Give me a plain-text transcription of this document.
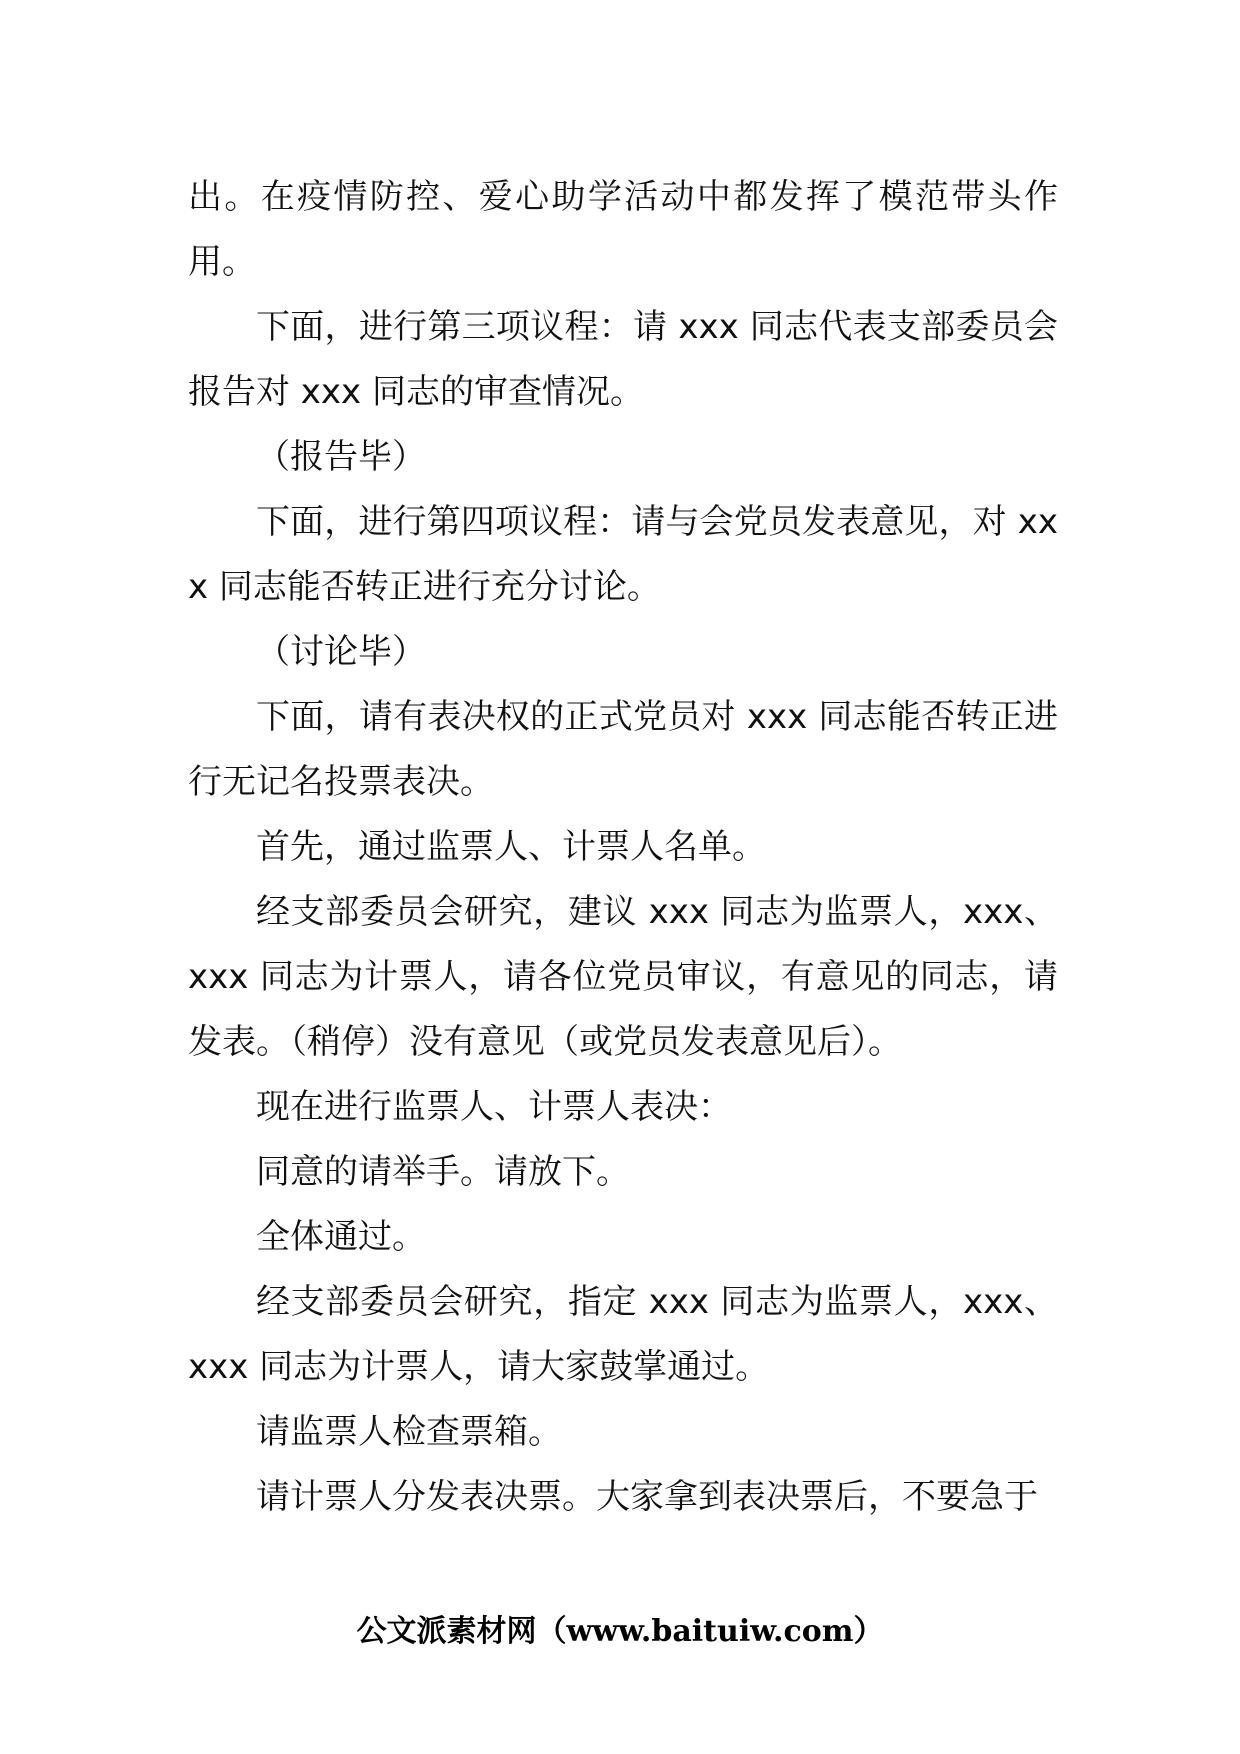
出。在疫情防控、爱心助学活动中都发挥了模范带头作用。

下面，进行第三项议程：请 xxx 同志代表支部委员会报告对 xxx 同志的审查情况。

（报告毕）

下面，进行第四项议程：请与会党员发表意见，对 xxx 同志能否转正进行充分讨论。

（讨论毕）

下面，请有表决权的正式党员对 xxx 同志能否转正进行无记名投票表决。

首先，通过监票人、计票人名单。

经支部委员会研究，建议 xxx 同志为监票人，xxx、xxx 同志为计票人，请各位党员审议，有意见的同志，请发表。（稍停）没有意见（或党员发表意见后）。

现在进行监票人、计票人表决：

同意的请举手。请放下。

全体通过。

经支部委员会研究，指定 xxx 同志为监票人，xxx、xxx 同志为计票人，请大家鼓掌通过。

请监票人检查票箱。

请计票人分发表决票。大家拿到表决票后，不要急于

公文派素材网（www.baituiw.com）
